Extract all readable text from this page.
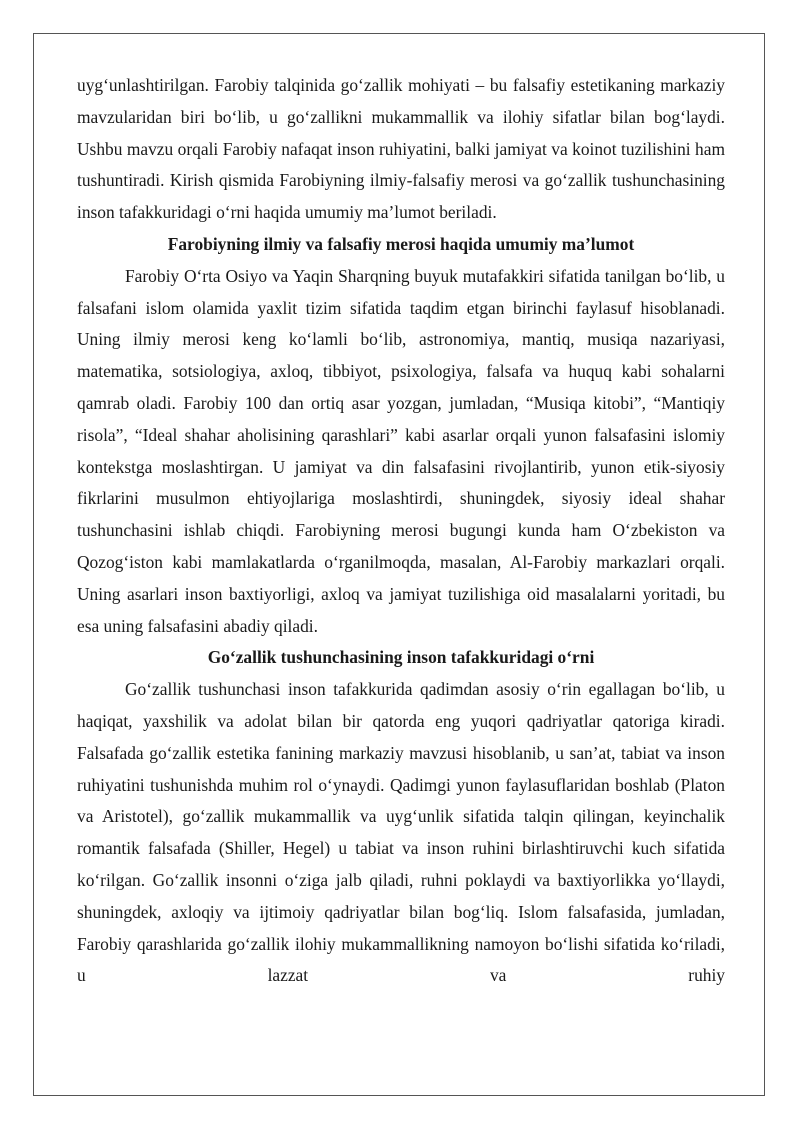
uyg‘unlashtirilgan. Farobiy talqinida go‘zallik mohiyati – bu falsafiy estetikaning markaziy mavzularidan biri bo‘lib, u go‘zallikni mukammallik va ilohiy sifatlar bilan bog‘laydi. Ushbu mavzu orqali Farobiy nafaqat inson ruhiyatini, balki jamiyat va koinot tuzilishini ham tushuntiradi. Kirish qismida Farobiyning ilmiy-falsafiy merosi va go‘zallik tushunchasining inson tafakkuridagi o‘rni haqida umumiy ma’lumot beriladi.

Farobiyning ilmiy va falsafiy merosi haqida umumiy ma’lumot

Farobiy O‘rta Osiyo va Yaqin Sharqning buyuk mutafakkiri sifatida tanilgan bo‘lib, u falsafani islom olamida yaxlit tizim sifatida taqdim etgan birinchi faylasuf hisoblanadi. Uning ilmiy merosi keng ko‘lamli bo‘lib, astronomiya, mantiq, musiqa nazariyasi, matematika, sotsiologiya, axloq, tibbiyot, psixologiya, falsafa va huquq kabi sohalarni qamrab oladi. Farobiy 100 dan ortiq asar yozgan, jumladan, “Musiqa kitobi”, “Mantiqiy risola”, “Ideal shahar aholisining qarashlari” kabi asarlar orqali yunon falsafasini islomiy kontekstga moslashtirgan. U jamiyat va din falsafasini rivojlantirib, yunon etik-siyosiy fikrlarini musulmon ehtiyojlariga moslashtirdi, shuningdek, siyosiy ideal shahar tushunchasini ishlab chiqdi. Farobiyning merosi bugungi kunda ham O‘zbekiston va Qozog‘iston kabi mamlakatlarda o‘rganilmoqda, masalan, Al-Farobiy markazlari orqali. Uning asarlari inson baxtiyorligi, axloq va jamiyat tuzilishiga oid masalalarni yoritadi, bu esa uning falsafasini abadiy qiladi.

Go‘zallik tushunchasining inson tafakkuridagi o‘rni

Go‘zallik tushunchasi inson tafakkurida qadimdan asosiy o‘rin egallagan bo‘lib, u haqiqat, yaxshilik va adolat bilan bir qatorda eng yuqori qadriyatlar qatoriga kiradi. Falsafada go‘zallik estetika fanining markaziy mavzusi hisoblanib, u san’at, tabiat va inson ruhiyatini tushunishda muhim rol o‘ynaydi. Qadimgi yunon faylasuflaridan boshlab (Platon va Aristotel), go‘zallik mukammallik va uyg‘unlik sifatida talqin qilingan, keyinchalik romantik falsafada (Shiller, Hegel) u tabiat va inson ruhini birlashtiruvchi kuch sifatida ko‘rilgan. Go‘zallik insonni o‘ziga jalb qiladi, ruhni poklaydi va baxtiyorlikka yo‘llaydi, shuningdek, axloqiy va ijtimoiy qadriyatlar bilan bog‘liq. Islom falsafasida, jumladan, Farobiy qarashlarida go‘zallik ilohiy mukammallikning namoyon bo‘lishi sifatida ko‘riladi, u lazzat va ruhiy
